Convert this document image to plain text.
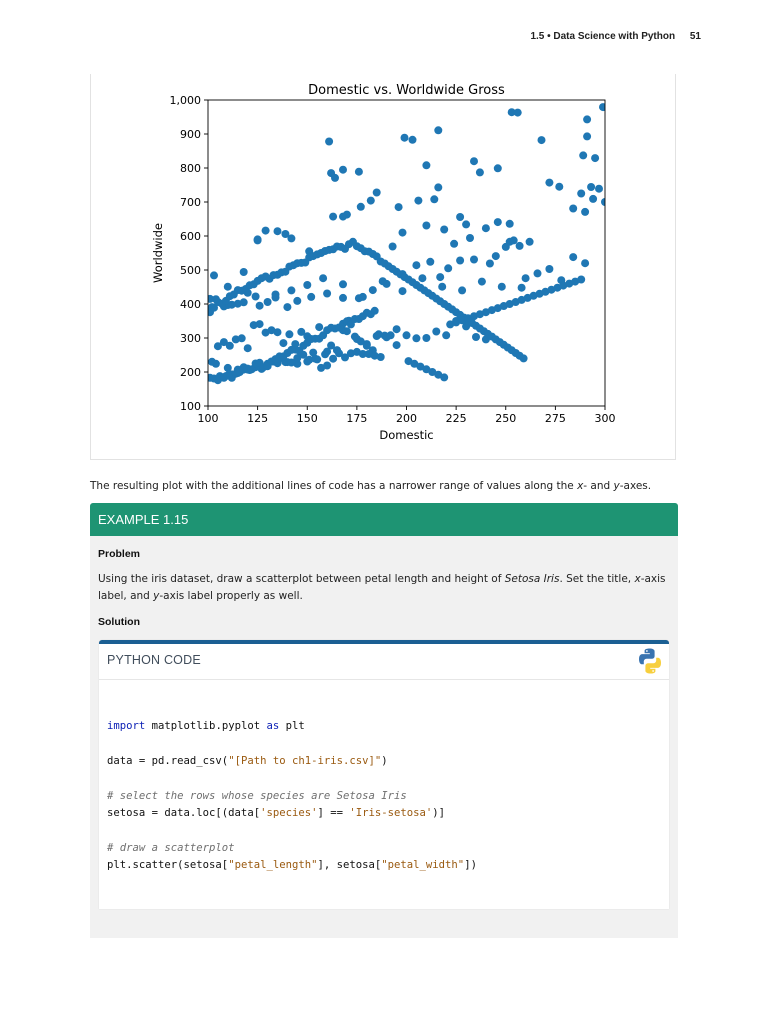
1.5 • Data Science with Python 51
100	125	150	175	200	225	250	275	300
100
200
300
400
500
600
700
800
900
1,000
Domestic vs. Worldwide Gross
Domestic
Worldwide
The resulting plot with the additional lines of code has a narrower range of values along the x- and y-axes.
EXAMPLE 1.15
Problem
Using the iris dataset, draw a scatterplot between petal length and height of Setosa Iris. Set the title, x-axis label, and y-axis label properly as well.
Solution
PYTHON CODE
import matplotlib.pyplot as plt

data = pd.read_csv("[Path to ch1-iris.csv]")

# select the rows whose species are Setosa Iris
setosa = data.loc[(data['species'] == 'Iris-setosa')]

# draw a scatterplot
plt.scatter(setosa["petal_length"], setosa["petal_width"])
